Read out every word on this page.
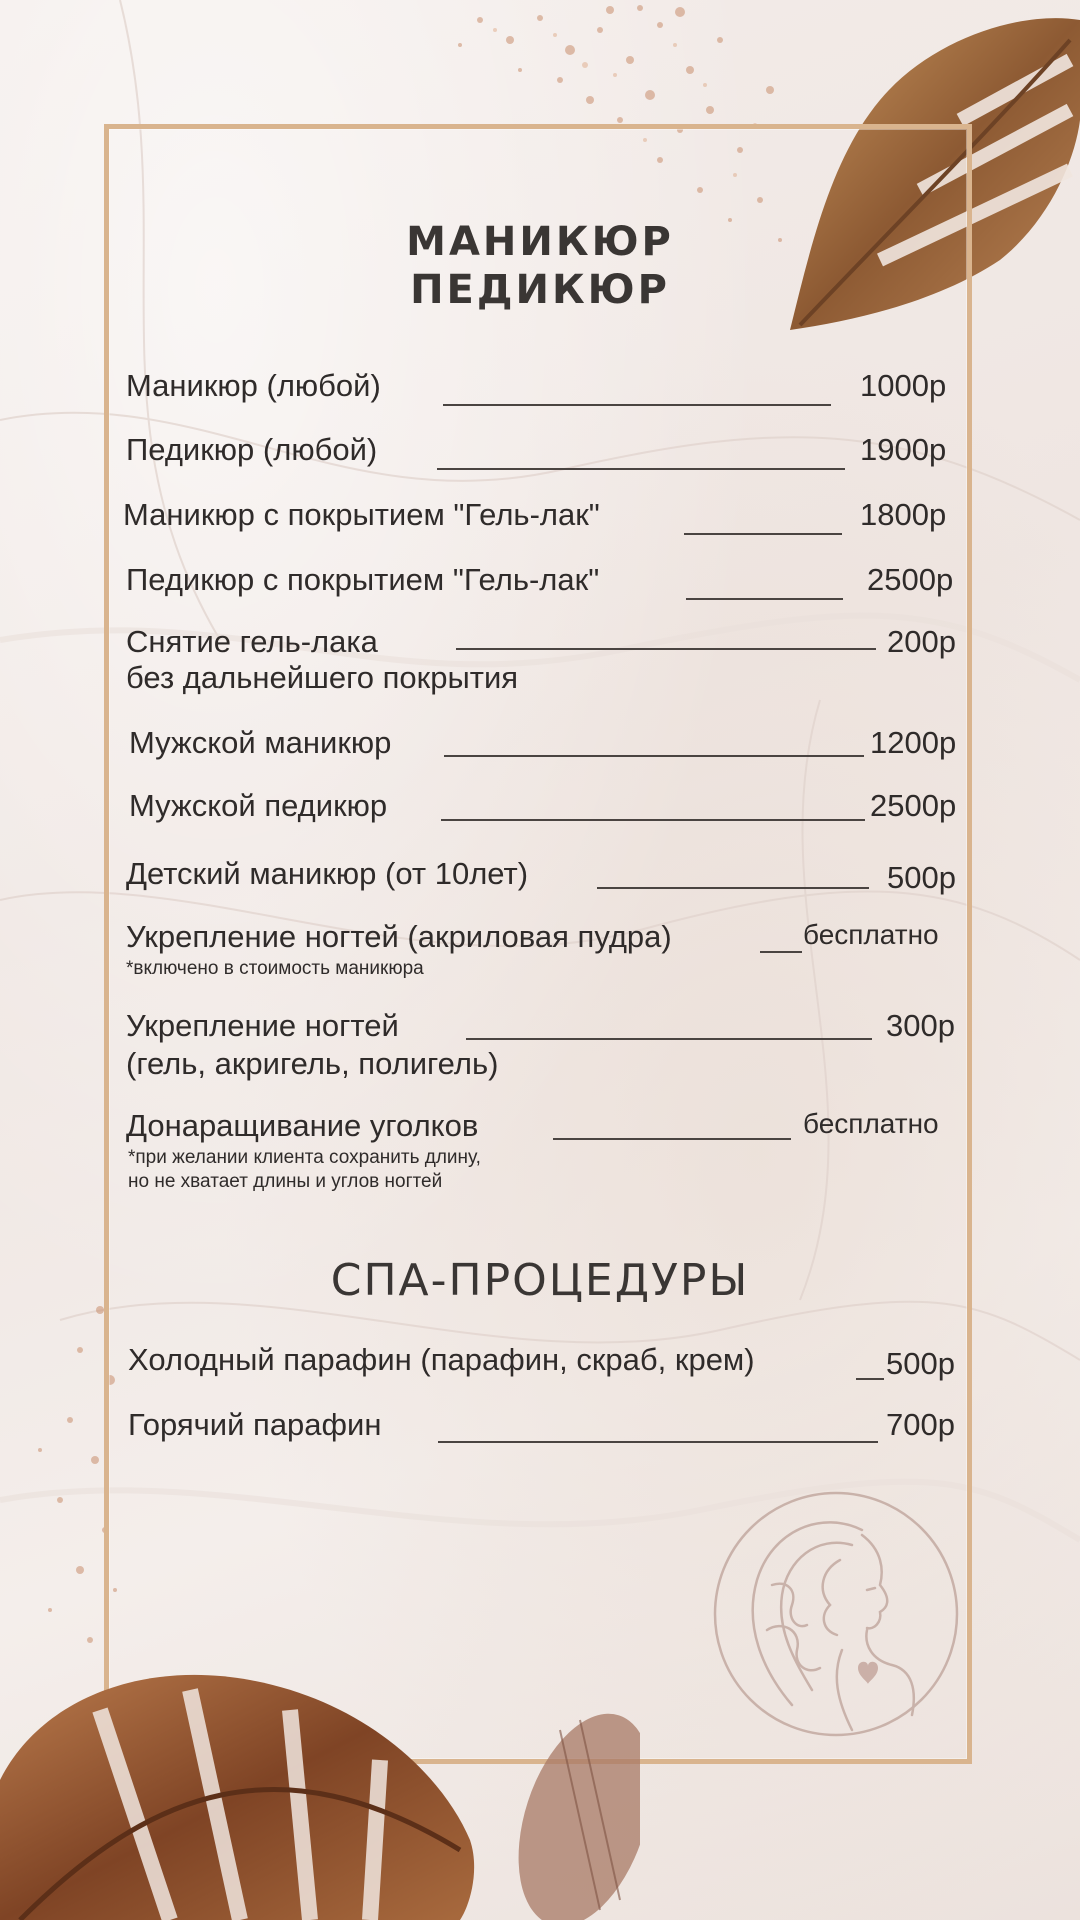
МАНИКЮР
ПЕДИКЮР
Маникюр (любой)	1000р
Педикюр (любой)	1900р
Маникюр с покрытием "Гель-лак"	1800р
Педикюр с покрытием "Гель-лак"	2500р
Снятие гель-лака	200р
без дальнейшего покрытия
Мужской маникюр	1200р
Мужской педикюр	2500р
Детский маникюр (от 10лет)	500р
Укрепление ногтей (акриловая пудра)	бесплатно
*включено в стоимость маникюра
Укрепление ногтей	300р
(гель, акригель, полигель)
Донаращивание уголков	бесплатно
*при желании клиента сохранить длину,
но не хватает длины и углов ногтей
СПА-ПРОЦЕДУРЫ
Холодный парафин (парафин, скраб, крем)	500р
Горячий парафин	700р
